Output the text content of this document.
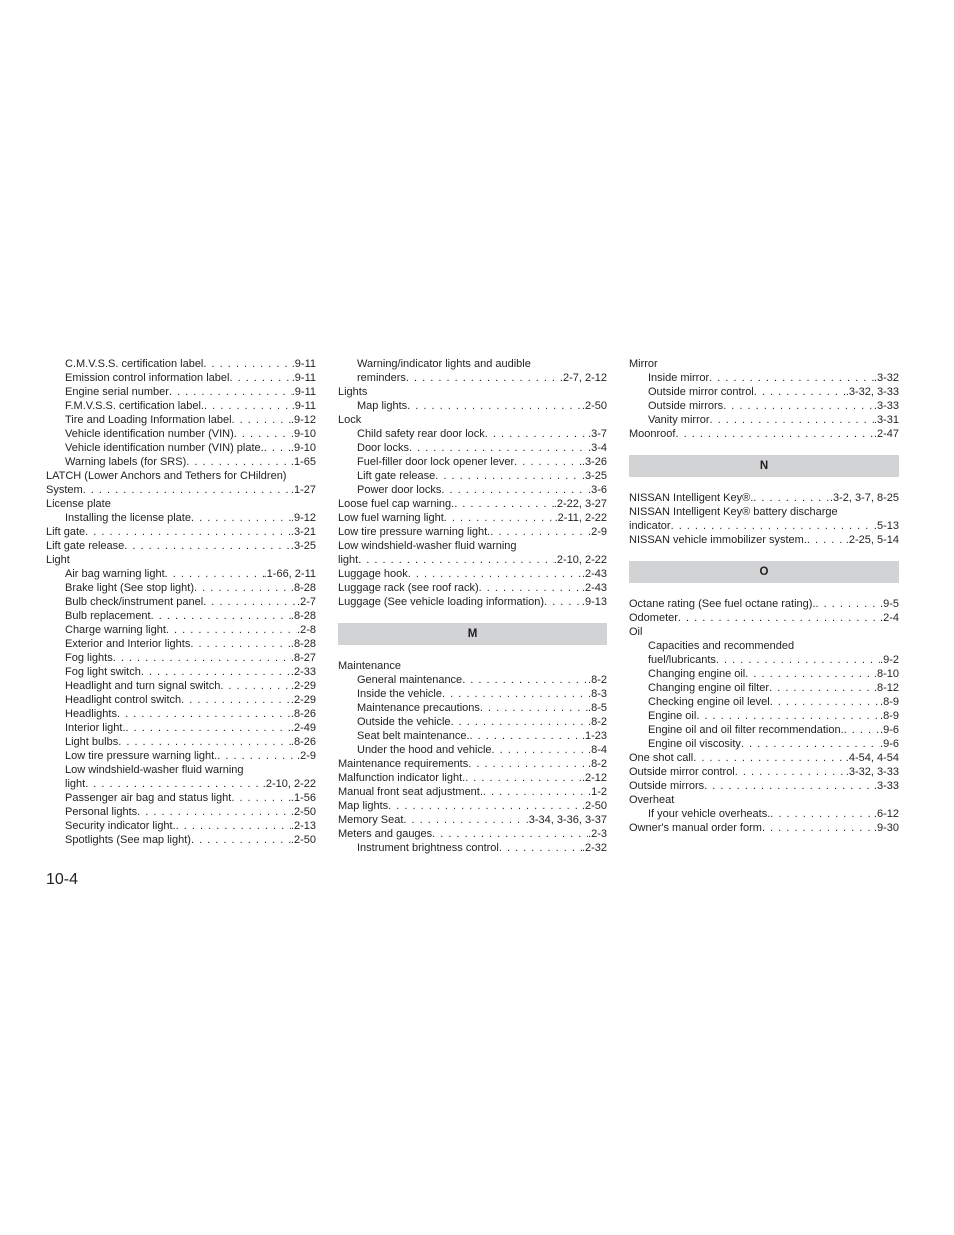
C.M.V.S.S. certification label . . .	.9-11
Emission control information label . . .	.9-11
Engine serial number . . .	.9-11
F.M.V.S.S. certification label. . . .	.9-11
Tire and Loading Information label . . .	.9-12
Vehicle identification number (VIN) . . .	.9-10
Vehicle identification number (VIN) plate. . . . .9-10
Warning labels (for SRS) . . .	.1-65
LATCH (Lower Anchors and Tethers for CHildren)
System . . .	.1-27
License plate
Installing the license plate . . .	.9-12
Lift gate . . .	.3-21
Lift gate release . . .	.3-25
Light
Air bag warning light . . .	.1-66, 2-11
Brake light (See stop light) . . .	.8-28
Bulb check/instrument panel . . .	.2-7
Bulb replacement . . .	.8-28
Charge warning light . . .	.2-8
Exterior and Interior lights . . .	.8-28
Fog lights . . .	.8-27
Fog light switch . . .	.2-33
Headlight and turn signal switch . . .	.2-29
Headlight control switch . . .	.2-29
Headlights . . .	.8-26
Interior light. . . .	.2-49
Light bulbs . . .	.8-26
Low tire pressure warning light. . . .	.2-9
Low windshield-washer fluid warning
light . . .	.2-10, 2-22
Passenger air bag and status light . . .	.1-56
Personal lights . . .	.2-50
Security indicator light. . . .	.2-13
Spotlights (See map light) . . .	.2-50
Warning/indicator lights and audible
reminders . . .	.2-7, 2-12
Lights
Map lights . . .	.2-50
Lock
Child safety rear door lock . . .	.3-7
Door locks . . .	.3-4
Fuel-filler door lock opener lever . . .	.3-26
Lift gate release . . .	.3-25
Power door locks . . .	.3-6
Loose fuel cap warning. . . .	.2-22, 3-27
Low fuel warning light . . .	.2-11, 2-22
Low tire pressure warning light. . . .	.2-9
Low windshield-washer fluid warning
light . . .	.2-10, 2-22
Luggage hook . . .	.2-43
Luggage rack (see roof rack) . . .	.2-43
Luggage (See vehicle loading information) . . .	.9-13
M
Maintenance
General maintenance . . .	.8-2
Inside the vehicle . . .	.8-3
Maintenance precautions . . .	.8-5
Outside the vehicle . . .	.8-2
Seat belt maintenance. . . .	.1-23
Under the hood and vehicle . . .	.8-4
Maintenance requirements . . .	.8-2
Malfunction indicator light. . . .	.2-12
Manual front seat adjustment. . . .	.1-2
Map lights . . .	.2-50
Memory Seat . . .	.3-34, 3-36, 3-37
Meters and gauges . . .	.2-3
Instrument brightness control . . .	.2-32
Mirror
Inside mirror . . .	.3-32
Outside mirror control . . .	.3-32, 3-33
Outside mirrors . . .	.3-33
Vanity mirror . . .	.3-31
Moonroof . . .	.2-47
N
NISSAN Intelligent Key®. . . .	.3-2, 3-7, 8-25
NISSAN Intelligent Key® battery discharge
indicator . . .	.5-13
NISSAN vehicle immobilizer system. . . .	.2-25, 5-14
O
Octane rating (See fuel octane rating). . . .	.9-5
Odometer . . .	.2-4
Oil
Capacities and recommended
fuel/lubricants . . .	.9-2
Changing engine oil . . .	.8-10
Changing engine oil filter . . .	.8-12
Checking engine oil level . . .	.8-9
Engine oil . . .	.8-9
Engine oil and oil filter recommendation. . . .	.9-6
Engine oil viscosity . . .	.9-6
One shot call . . .	.4-54, 4-54
Outside mirror control . . .	.3-32, 3-33
Outside mirrors . . .	.3-33
Overheat
If your vehicle overheats. . . .	.6-12
Owner's manual order form . . .	.9-30
10-4
